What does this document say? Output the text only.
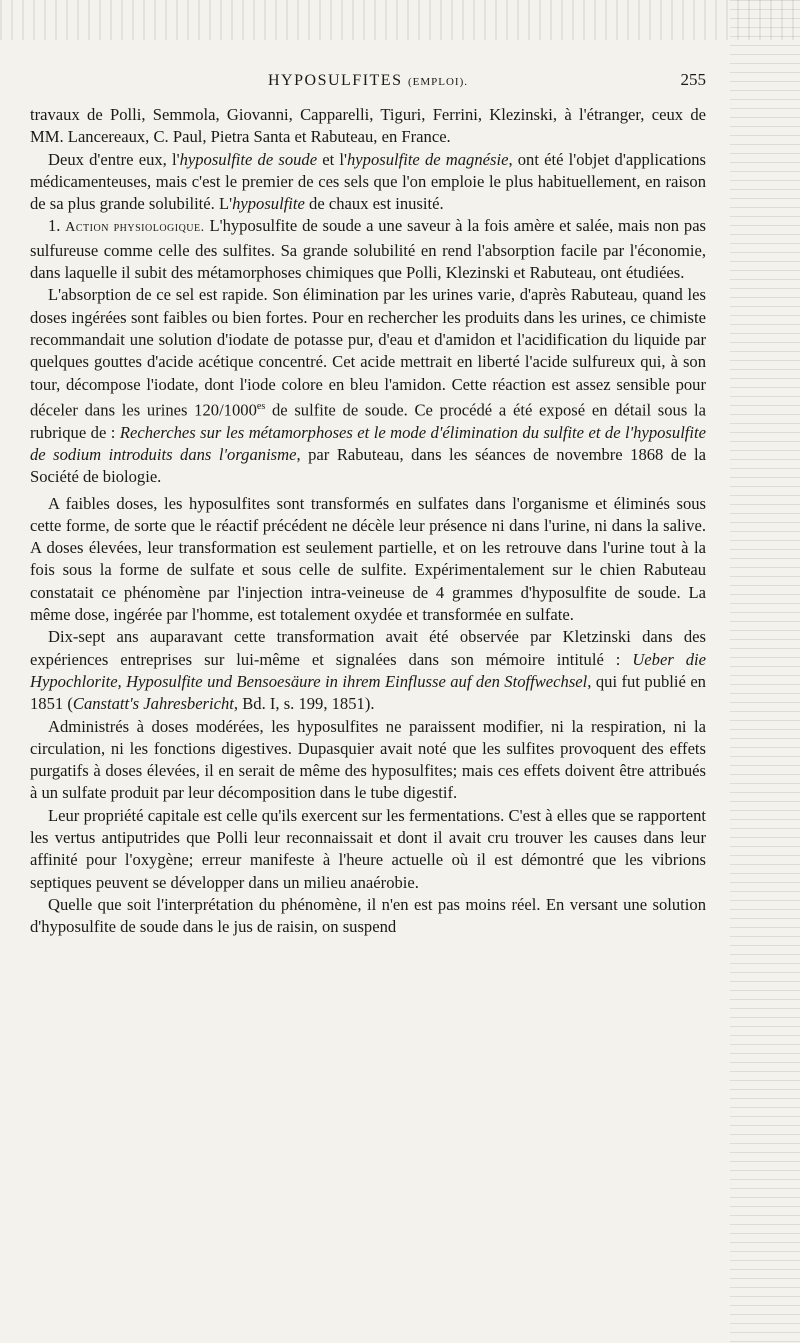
HYPOSULFITES (EMPLOI).	255

travaux de Polli, Semmola, Giovanni, Capparelli, Tiguri, Ferrini, Klezinski, à l'étranger, ceux de MM. Lancereaux, C. Paul, Pietra Santa et Rabuteau, en France.

Deux d'entre eux, l'hyposulfite de soude et l'hyposulfite de magnésie, ont été l'objet d'applications médicamenteuses, mais c'est le premier de ces sels que l'on emploie le plus habituellement, en raison de sa plus grande solubilité. L'hyposulfite de chaux est inusité.

1. Action physiologique. L'hyposulfite de soude a une saveur à la fois amère et salée, mais non pas sulfureuse comme celle des sulfites. Sa grande solubilité en rend l'absorption facile par l'économie, dans laquelle il subit des métamorphoses chimiques que Polli, Klezinski et Rabuteau, ont étudiées.

L'absorption de ce sel est rapide. Son élimination par les urines varie, d'après Rabuteau, quand les doses ingérées sont faibles ou bien fortes. Pour en rechercher les produits dans les urines, ce chimiste recommandait une solution d'iodate de potasse pur, d'eau et d'amidon et l'acidification du liquide par quelques gouttes d'acide acétique concentré. Cet acide mettrait en liberté l'acide sulfureux qui, à son tour, décompose l'iodate, dont l'iode colore en bleu l'amidon. Cette réaction est assez sensible pour déceler dans les urines $120/1000^{es}$ de sulfite de soude. Ce procédé a été exposé en détail sous la rubrique de : Recherches sur les métamorphoses et le mode d'élimination du sulfite et de l'hyposulfite de sodium introduits dans l'organisme, par Rabuteau, dans les séances de novembre 1868 de la Société de biologie.

A faibles doses, les hyposulfites sont transformés en sulfates dans l'organisme et éliminés sous cette forme, de sorte que le réactif précédent ne décèle leur présence ni dans l'urine, ni dans la salive. A doses élevées, leur transformation est seulement partielle, et on les retrouve dans l'urine tout à la fois sous la forme de sulfate et sous celle de sulfite. Expérimentalement sur le chien Rabuteau constatait ce phénomène par l'injection intra-veineuse de 4 grammes d'hyposulfite de soude. La même dose, ingérée par l'homme, est totalement oxydée et transformée en sulfate.

Dix-sept ans auparavant cette transformation avait été observée par Kletzinski dans des expériences entreprises sur lui-même et signalées dans son mémoire intitulé : Ueber die Hypochlorite, Hyposulfite und Bensoesäure in ihrem Einflusse auf den Stoffwechsel, qui fut publié en 1851 (Canstatt's Jahresbericht, Bd. I, s. 199, 1851).

Administrés à doses modérées, les hyposulfites ne paraissent modifier, ni la respiration, ni la circulation, ni les fonctions digestives. Dupasquier avait noté que les sulfites provoquent des effets purgatifs à doses élevées, il en serait de même des hyposulfites; mais ces effets doivent être attribués à un sulfate produit par leur décomposition dans le tube digestif.

Leur propriété capitale est celle qu'ils exercent sur les fermentations. C'est à elles que se rapportent les vertus antiputrides que Polli leur reconnaissait et dont il avait cru trouver les causes dans leur affinité pour l'oxygène; erreur manifeste à l'heure actuelle où il est démontré que les vibrions septiques peuvent se développer dans un milieu anaérobie.

Quelle que soit l'interprétation du phénomène, il n'en est pas moins réel. En versant une solution d'hyposulfite de soude dans le jus de raisin, on suspend
